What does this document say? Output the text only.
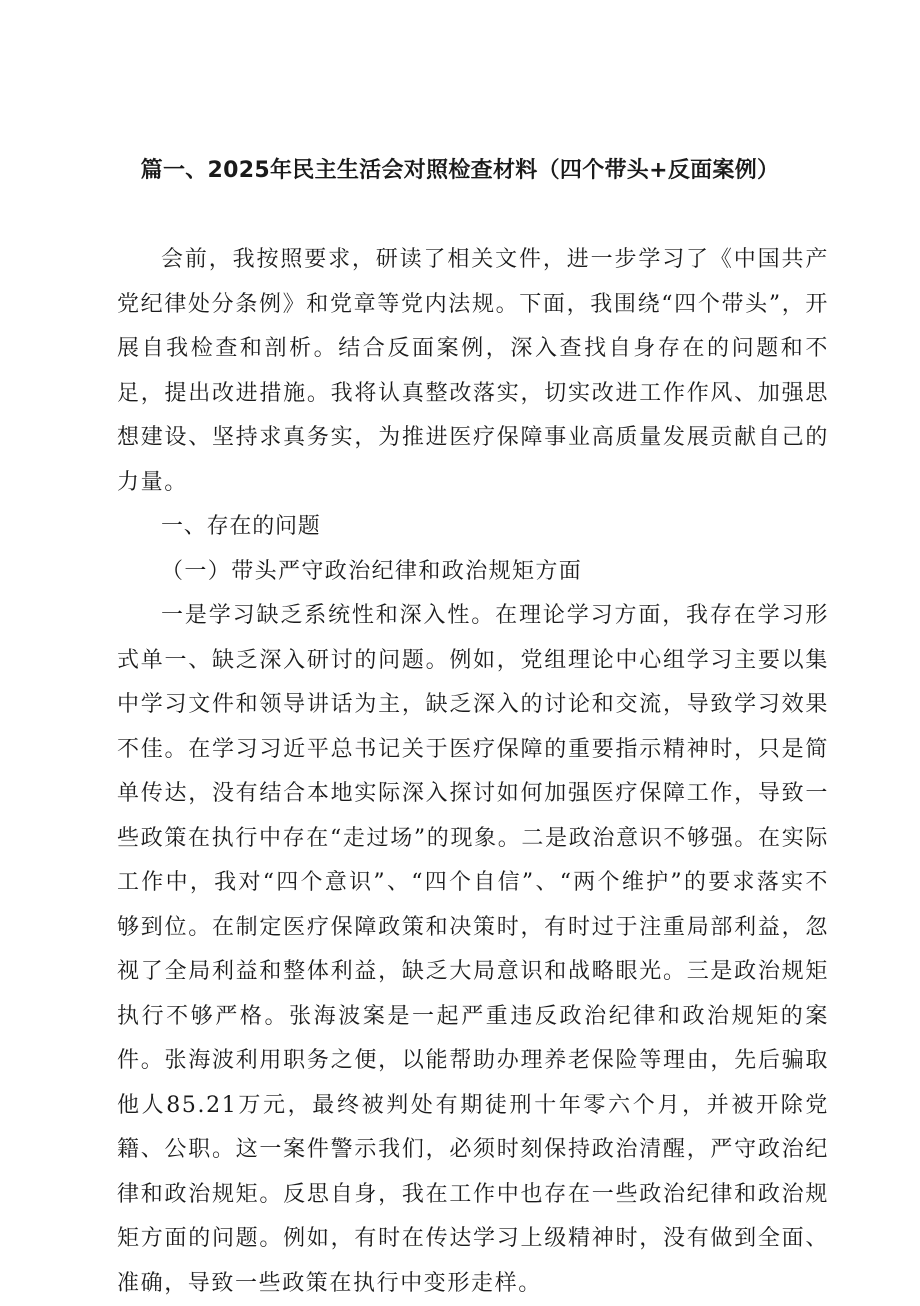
篇一、2025年民主生活会对照检查材料（四个带头+反面案例）

会前，我按照要求，研读了相关文件，进一步学习了《中国共产党纪律处分条例》和党章等党内法规。下面，我围绕“四个带头”，开展自我检查和剖析。结合反面案例，深入查找自身存在的问题和不足，提出改进措施。我将认真整改落实，切实改进工作作风、加强思想建设、坚持求真务实，为推进医疗保障事业高质量发展贡献自己的力量。

一、存在的问题

（一）带头严守政治纪律和政治规矩方面

一是学习缺乏系统性和深入性。在理论学习方面，我存在学习形式单一、缺乏深入研讨的问题。例如，党组理论中心组学习主要以集中学习文件和领导讲话为主，缺乏深入的讨论和交流，导致学习效果不佳。在学习习近平总书记关于医疗保障的重要指示精神时，只是简单传达，没有结合本地实际深入探讨如何加强医疗保障工作，导致一些政策在执行中存在“走过场”的现象。二是政治意识不够强。在实际工作中，我对“四个意识”、“四个自信”、“两个维护”的要求落实不够到位。在制定医疗保障政策和决策时，有时过于注重局部利益，忽视了全局利益和整体利益，缺乏大局意识和战略眼光。三是政治规矩执行不够严格。张海波案是一起严重违反政治纪律和政治规矩的案件。张海波利用职务之便，以能帮助办理养老保险等理由，先后骗取他人85.21万元，最终被判处有期徒刑十年零六个月，并被开除党籍、公职。这一案件警示我们，必须时刻保持政治清醒，严守政治纪律和政治规矩。反思自身，我在工作中也存在一些政治纪律和政治规矩方面的问题。例如，有时在传达学习上级精神时，没有做到全面、准确，导致一些政策在执行中变形走样。
